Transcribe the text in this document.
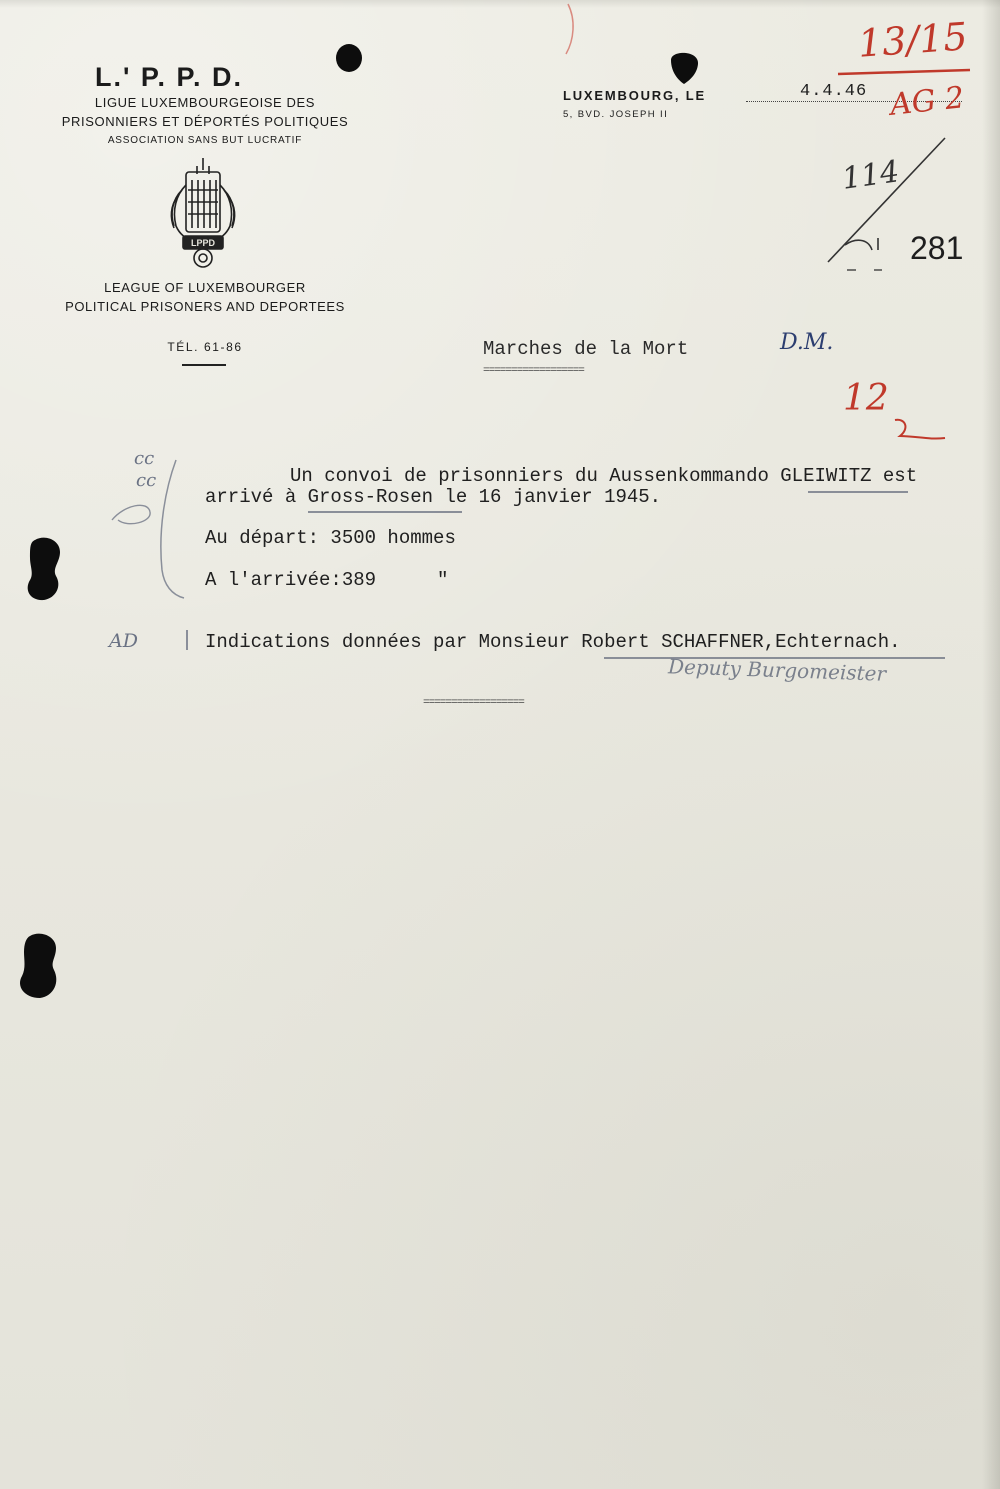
L.' P. P. D.
LIGUE LUXEMBOURGEOISE DES
PRISONNIERS ET DÉPORTÉS POLITIQUES
ASSOCIATION SANS BUT LUCRATIF
LPPD
LEAGUE OF LUXEMBOURGER
POLITICAL PRISONERS AND DEPORTEES
TÉL. 61-86
LUXEMBOURG, LE	4.4.46
5, BVD. JOSEPH II
13/15
AG 2
114
281
Marches de la Mort
==================
D.M.
12
cc
cc
AD
Un convoi de prisonniers du Aussenkommando GLEIWITZ est
arrivé à Gross-Rosen le 16 janvier 1945.
Au départ: 3500 hommes
A l'arrivée:389	"
Indications données par Monsieur Robert SCHAFFNER,Echternach.
Deputy Burgomeister
==================
